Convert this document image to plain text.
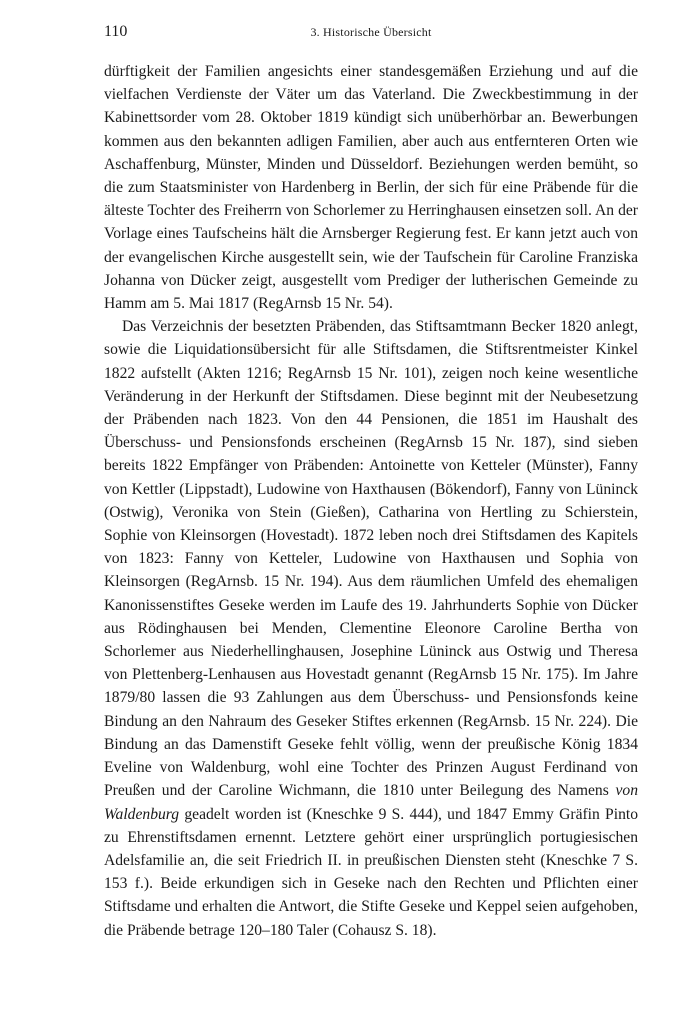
110	3. Historische Übersicht

dürftigkeit der Familien angesichts einer standesgemäßen Erziehung und auf die vielfachen Verdienste der Väter um das Vaterland. Die Zweckbestimmung in der Kabinettsorder vom 28. Oktober 1819 kündigt sich unüberhörbar an. Bewerbungen kommen aus den bekannten adligen Familien, aber auch aus entfernteren Orten wie Aschaffenburg, Münster, Minden und Düsseldorf. Beziehungen werden bemüht, so die zum Staatsminister von Hardenberg in Berlin, der sich für eine Präbende für die älteste Tochter des Freiherrn von Schorlemer zu Herringhausen einsetzen soll. An der Vorlage eines Taufscheins hält die Arnsberger Regierung fest. Er kann jetzt auch von der evangelischen Kirche ausgestellt sein, wie der Taufschein für Caroline Franziska Johanna von Dücker zeigt, ausgestellt vom Prediger der lutherischen Gemeinde zu Hamm am 5. Mai 1817 (RegArnsb 15 Nr. 54).

Das Verzeichnis der besetzten Präbenden, das Stiftsamtmann Becker 1820 anlegt, sowie die Liquidationsübersicht für alle Stiftsdamen, die Stiftsrentmeister Kinkel 1822 aufstellt (Akten 1216; RegArnsb 15 Nr. 101), zeigen noch keine wesentliche Veränderung in der Herkunft der Stiftsdamen. Diese beginnt mit der Neubesetzung der Präbenden nach 1823. Von den 44 Pensionen, die 1851 im Haushalt des Überschuss- und Pensionsfonds erscheinen (RegArnsb 15 Nr. 187), sind sieben bereits 1822 Empfänger von Präbenden: Antoinette von Ketteler (Münster), Fanny von Kettler (Lippstadt), Ludowine von Haxthausen (Bökendorf), Fanny von Lüninck (Ostwig), Veronika von Stein (Gießen), Catharina von Hertling zu Schierstein, Sophie von Kleinsorgen (Hovestadt). 1872 leben noch drei Stiftsdamen des Kapitels von 1823: Fanny von Ketteler, Ludowine von Haxthausen und Sophia von Kleinsorgen (RegArnsb. 15 Nr. 194). Aus dem räumlichen Umfeld des ehemaligen Kanonissenstiftes Geseke werden im Laufe des 19. Jahrhunderts Sophie von Dücker aus Rödinghausen bei Menden, Clementine Eleonore Caroline Bertha von Schorlemer aus Niederhellinghausen, Josephine Lüninck aus Ostwig und Theresa von Plettenberg-Lenhausen aus Hovestadt genannt (RegArnsb 15 Nr. 175). Im Jahre 1879/80 lassen die 93 Zahlungen aus dem Überschuss- und Pensionsfonds keine Bindung an den Nahraum des Geseker Stiftes erkennen (RegArnsb. 15 Nr. 224). Die Bindung an das Damenstift Geseke fehlt völlig, wenn der preußische König 1834 Eveline von Waldenburg, wohl eine Tochter des Prinzen August Ferdinand von Preußen und der Caroline Wichmann, die 1810 unter Beilegung des Namens von Waldenburg geadelt worden ist (Kneschke 9 S. 444), und 1847 Emmy Gräfin Pinto zu Ehrenstiftsdamen ernennt. Letztere gehört einer ursprünglich portugiesischen Adelsfamilie an, die seit Friedrich II. in preußischen Diensten steht (Kneschke 7 S. 153 f.). Beide erkundigen sich in Geseke nach den Rechten und Pflichten einer Stiftsdame und erhalten die Antwort, die Stifte Geseke und Keppel seien aufgehoben, die Präbende betrage 120–180 Taler (Cohausz S. 18).
